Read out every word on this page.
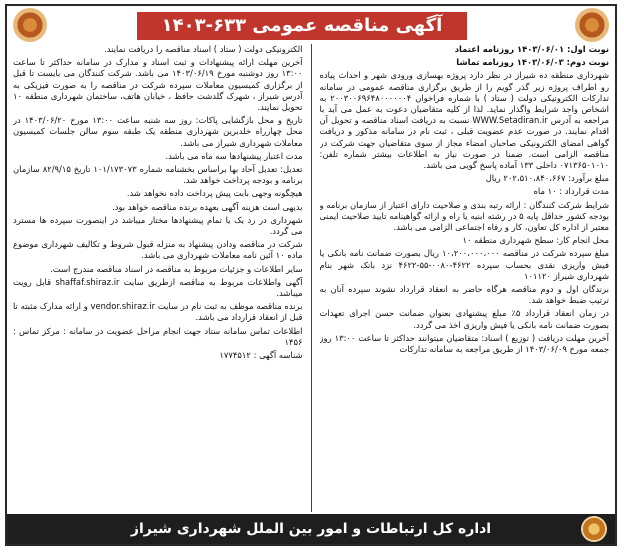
آگهی مناقصه عمومی ۶۳۳-۱۴۰۳

نوبت اول: ۱۴۰۳/۰۶/۰۱ روزنامه اعتماد

نوبت دوم: ۱۴۰۳/۰۶/۰۳ روزنامه تماشا

شهرداری منطقه ده شیراز در نظر دارد پروژه بهسازی ورودی شهر و احداث پیاده رو اطراف پروژه زیر گذر گویم را از طریق برگزاری مناقصه عمومی در سامانه تدارکات الکترونیکی دولت ( ستاد ) با شماره فراخوان ۲۰۰۳۰۰۶۹۶۴۸۰۰۰۰۰۰۴ به اشخاص واجد شرایط واگذار نماید. لذا از کلیه متقاضیان دعوت به عمل می آید با مراجعه به آدرس WWW.Setadiran.ir نسبت به دریافت اسناد مناقصه و تحویل آن اقدام نمایند. در صورت عدم عضویت قبلی ، ثبت نام در سامانه مذکور و دریافت گواهی امضای الکترونیکی صاحبان امضاء مجاز از سوی متقاضیان جهت شرکت در مناقصه الزامی است. ضمنا در صورت نیاز به اطلاعات بیشتر شماره تلفن: ۰۷۱۳۶۵۰۱۰۱۰ داخلی ۱۳۳ آماده پاسخ گویی می باشد.

مبلغ برآورد: ۲۰۲،۵۱۰،۸۴۰،۶۶۷ ریال

مدت قرارداد : ۱۰ ماه

شرایط شرکت کنندگان : ارائه رتبه بندی و صلاحیت دارای اعتبار از سازمان برنامه و بودجه کشور حداقل پایه ۵ در رشته ابنیه یا راه و ارائه گواهینامه تایید صلاحیت ایمنی معتبر از اداره کل تعاون، کار و رفاه اجتماعی الزامی می باشد.

محل انجام کار: سطح شهرداری منطقه ۱۰

مبلغ سپرده شرکت در مناقصه ۱۰،۲۰۰،۰۰۰،۰۰۰ ریال بصورت ضمانت نامه بانکی یا فیش واریزی نقدی بحساب سپرده ۴۶۲۲-۰۰۸۰-۵۵-۴۶۲۲ نزد بانک شهر بنام شهرداری شیراز ۱۰۱۱۲۰

برندگان اول و دوم مناقصه هرگاه حاضر به انعقاد قرارداد نشوند سپرده آنان به ترتیب ضبط خواهد شد.

در زمان انعقاد قرارداد ۵٪ مبلغ پیشنهادی بعنوان ضمانت حسن اجرای تعهدات بصورت ضمانت نامه بانکی یا فیش واریزی اخذ می گردد.

آخرین مهلت دریافت ( توزیع ) اسناد: متقاضیان میتوانند حداکثر تا ساعت ۱۳:۰۰ روز جمعه مورخ ۱۴۰۳/۰۶/۰۹ از طریق مراجعه به سامانه تدارکات

الکترونیکی دولت ( ستاد ) اسناد مناقصه را دریافت نمایند.

آخرین مهلت ارائه پیشنهادات و ثبت اسناد و مدارک در سامانه حداکثر تا ساعت ۱۳:۰۰ روز دوشنبه مورخ ۱۴۰۳/۰۶/۱۹ می باشد. شرکت کنندگان می بایست تا قبل از برگزاری کمیسیون معاملات سپرده شرکت در مناقصه را به صورت فیزیکی به آدرس شیراز ، شهرک گلدشت حافظ ، خیابان هاتف، ساختمان شهرداری منطقه ۱۰ تحویل نمایند.

تاریخ و محل بازگشایی پاکات: روز سه شنبه ساعت ۱۳:۰۰ مورخ ۱۴۰۳/۰۶/۲۰ در محل چهارراه خلدبرین شهرداری منطقه یک طبقه سوم سالن جلسات کمیسیون معاملات شهرداری شیراز می باشد.

مدت اعتبار پیشنهادها سه ماه می باشد.

تعدیل: تعدیل آحاد بها براساس بخشنامه شماره ۱۰۱/۱۷۳۰۷۳ تاریخ ۸۲/۹/۱۵ سازمان برنامه و بودجه پرداخت خواهد شد.

هیچگونه وجهی بابت پیش پرداخت داده نخواهد شد.

بدیهی است هزینه آگهی بعهده برنده مناقصه خواهد بود.

شهرداری در رد یک یا تمام پیشنهادها مختار میباشد در اینصورت سپرده ها مسترد می گردد.

شرکت در مناقصه ودادن پیشنهاد به منزله قبول شروط و تکالیف شهرداری موضوع ماده ۱۰ آئین نامه معاملات شهرداری می باشد.

سایر اطلاعات و جزئیات مربوط به مناقصه در اسناد مناقصه مندرج است.

آگهی واطلاعات مربوط به مناقصه ازطریق سایت shaffaf.shiraz.ir قابل رویت میباشد.

برنده مناقصه موظف به ثبت نام در سایت vendor.shiraz.ir و ارائه مدارک مثبته تا قبل از انعقاد قرارداد می باشد.

اطلاعات تماس سامانه ستاد جهت انجام مراحل عضویت در سامانه : مرکز تماس : ۱۴۵۶

شناسه آگهی : ۱۷۷۴۵۱۲

اداره کل ارتباطات و امور بین الملل شهرداری شیراز
